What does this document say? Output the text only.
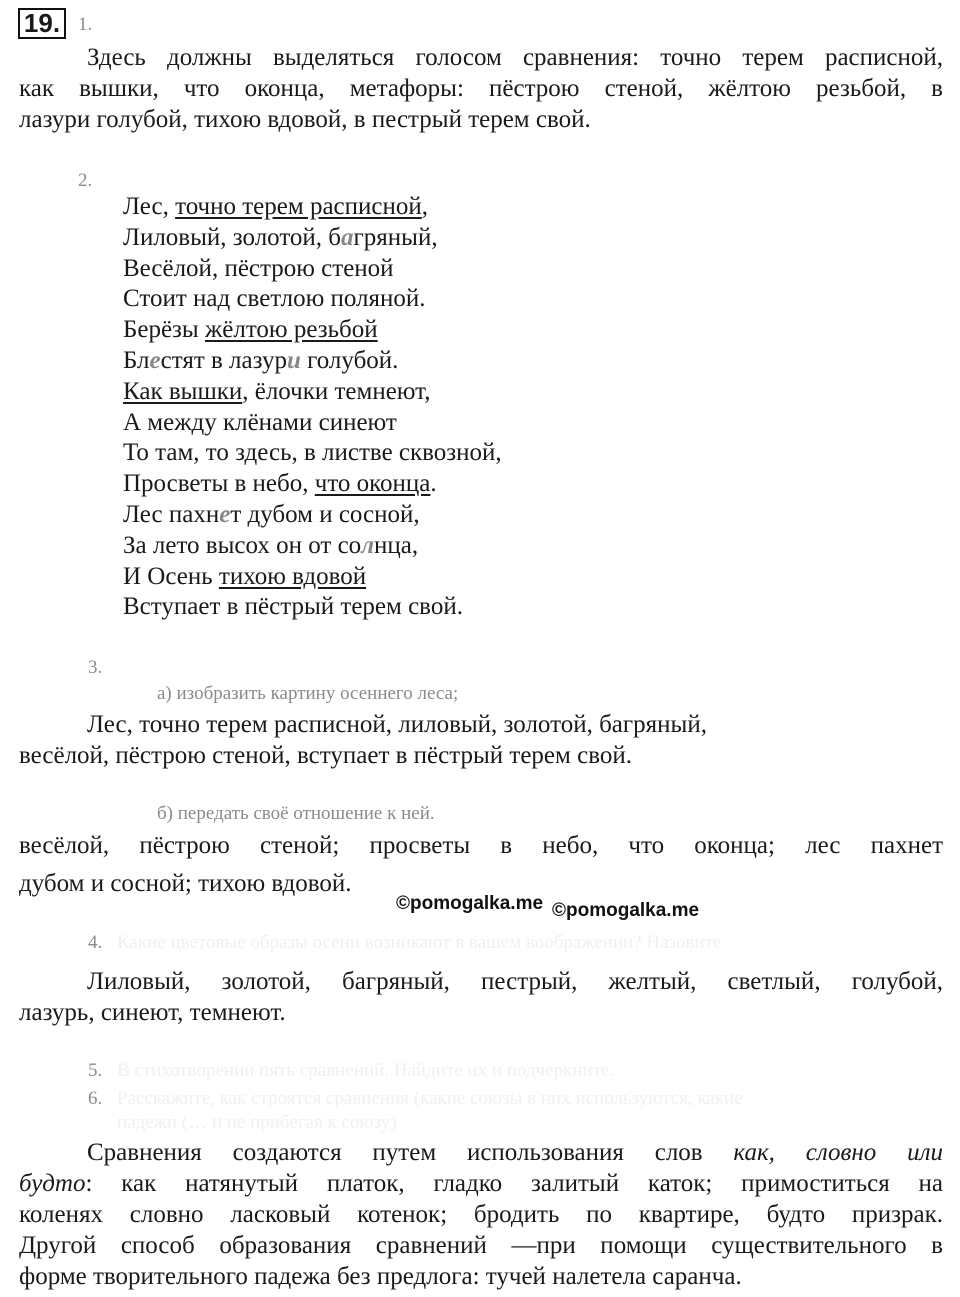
19. 1.
Здесь должны выделяться голосом сравнения: точно терем расписной,
как вышки, что оконца, метафоры: пёстрою стеной, жёлтою резьбой, в
лазури голубой, тихою вдовой, в пестрый терем свой.
2.
Лес, точно терем расписной,
Лиловый, золотой, багряный,
Весёлой, пёстрою стеной
Стоит над светлою поляной.
Берёзы жёлтою резьбой
Блестят в лазури голубой.
Как вышки, ёлочки темнеют,
А между клёнами синеют
То там, то здесь, в листве сквозной,
Просветы в небо, что оконца.
Лес пахнет дубом и сосной,
За лето высох он от солнца,
И Осень тихою вдовой
Вступает в пёстрый терем свой.
3.
а) изобразить картину осеннего леса;
Лес, точно терем расписной, лиловый, золотой, багряный,
весёлой, пёстрою стеной, вступает в пёстрый терем свой.
б) передать своё отношение к ней.
весёлой, пёстрою стеной; просветы в небо, что оконца; лес пахнет
дубом и сосной; тихою вдовой.
©pomogalka.me ©pomogalka.me
4. Какие цветовые образы осени возникают в вашем воображении? Назовите
Лиловый, золотой, багряный, пестрый, желтый, светлый, голубой,
лазурь, синеют, темнеют.
5. В стихотворении пять сравнений. Найдите их и подчеркните.
6. Расскажите, как строятся сравнения (какие союзы в них используются, какие
падежи (… и не прибегая к союзу)
Сравнения создаются путем использования слов как, словно или
будто: как натянутый платок, гладко залитый каток; примоститься на
коленях словно ласковый котенок; бродить по квартире, будто призрак.
Другой способ образования сравнений —при помощи существительного в
форме творительного падежа без предлога: тучей налетела саранча.
